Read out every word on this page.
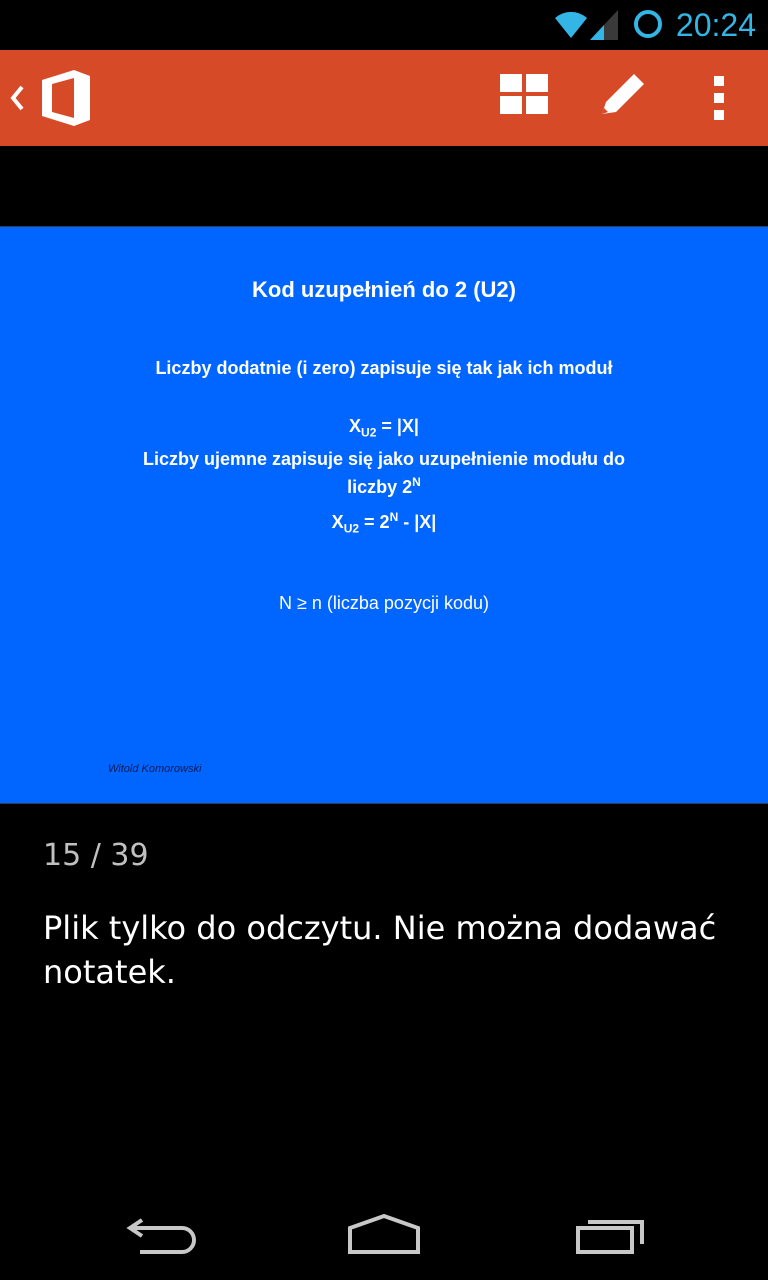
20:24
Kod uzupełnień do 2 (U2)
Liczby dodatnie (i zero) zapisuje się tak jak ich moduł
$X_{U2} = |X|$
Liczby ujemne zapisuje się jako uzupełnienie modułu do liczby $2^N$
$X_{U2} = 2^N - |X|$
N ≥ n (liczba pozycji kodu)
Witold Komorowski
15 / 39
Plik tylko do odczytu. Nie można dodawać notatek.
